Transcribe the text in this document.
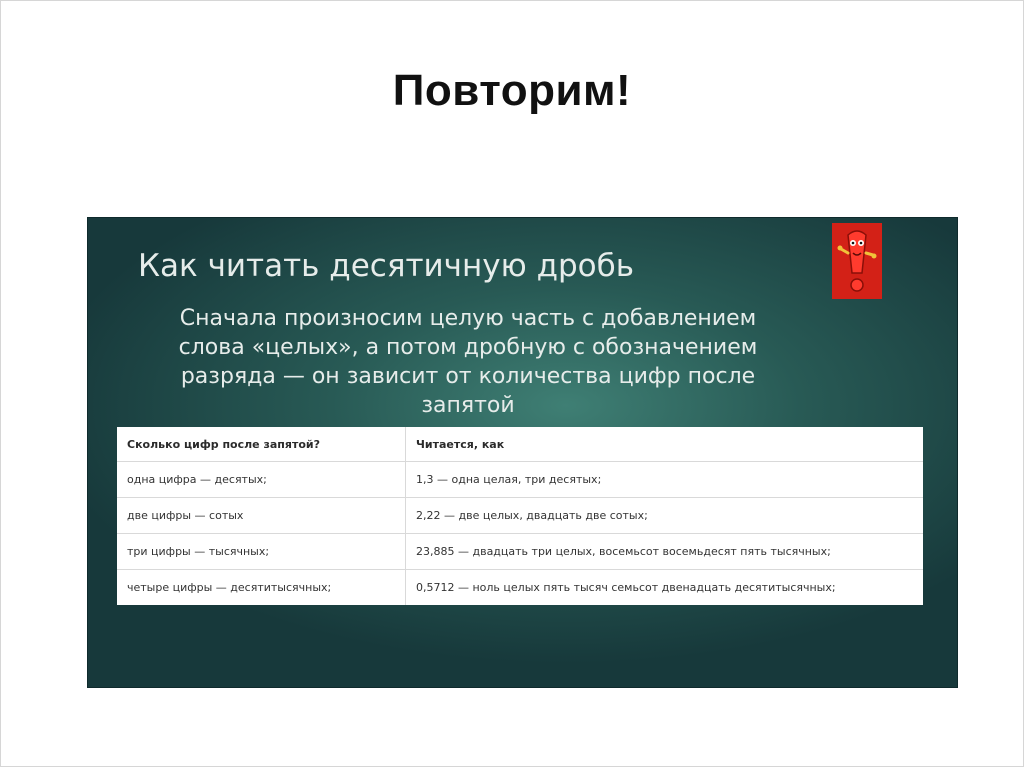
Повторим!
Как читать десятичную дробь
Сначала произносим целую часть с добавлением
слова «целых», а потом дробную с обозначением
разряда — он зависит от количества цифр после
запятой
Сколько цифр после запятой?	Читается, как
одна цифра — десятых;	1,3 — одна целая, три десятых;
две цифры — сотых	2,22 — две целых, двадцать две сотых;
три цифры — тысячных;	23,885 — двадцать три целых, восемьсот восемьдесят пять тысячных;
четыре цифры — десятитысячных;	0,5712 — ноль целых пять тысяч семьсот двенадцать десятитысячных;
